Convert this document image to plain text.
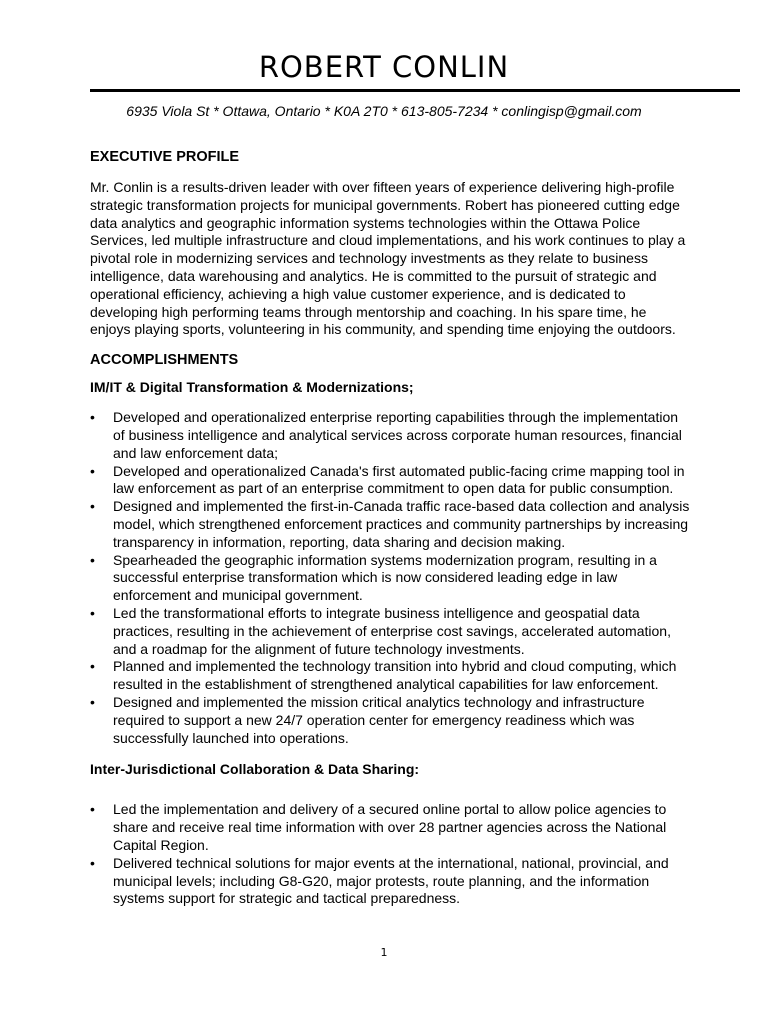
ROBERT CONLIN

6935 Viola St * Ottawa, Ontario * K0A 2T0 * 613-805-7234 * conlingisp@gmail.com

EXECUTIVE PROFILE

Mr. Conlin is a results-driven leader with over fifteen years of experience delivering high-profile strategic transformation projects for municipal governments. Robert has pioneered cutting edge data analytics and geographic information systems technologies within the Ottawa Police Services, led multiple infrastructure and cloud implementations, and his work continues to play a pivotal role in modernizing services and technology investments as they relate to business intelligence, data warehousing and analytics. He is committed to the pursuit of strategic and operational efficiency, achieving a high value customer experience, and is dedicated to developing high performing teams through mentorship and coaching. In his spare time, he enjoys playing sports, volunteering in his community, and spending time enjoying the outdoors.

ACCOMPLISHMENTS
IM/IT & Digital Transformation & Modernizations;
• Developed and operationalized enterprise reporting capabilities through the implementation of business intelligence and analytical services across corporate human resources, financial and law enforcement data;
• Developed and operationalized Canada's first automated public-facing crime mapping tool in law enforcement as part of an enterprise commitment to open data for public consumption.
• Designed and implemented the first-in-Canada traffic race-based data collection and analysis model, which strengthened enforcement practices and community partnerships by increasing transparency in information, reporting, data sharing and decision making.
• Spearheaded the geographic information systems modernization program, resulting in a successful enterprise transformation which is now considered leading edge in law enforcement and municipal government.
• Led the transformational efforts to integrate business intelligence and geospatial data practices, resulting in the achievement of enterprise cost savings, accelerated automation, and a roadmap for the alignment of future technology investments.
• Planned and implemented the technology transition into hybrid and cloud computing, which resulted in the establishment of strengthened analytical capabilities for law enforcement.
• Designed and implemented the mission critical analytics technology and infrastructure required to support a new 24/7 operation center for emergency readiness which was successfully launched into operations.
Inter-Jurisdictional Collaboration & Data Sharing:
• Led the implementation and delivery of a secured online portal to allow police agencies to share and receive real time information with over 28 partner agencies across the National Capital Region.
• Delivered technical solutions for major events at the international, national, provincial, and municipal levels; including G8-G20, major protests, route planning, and the information systems support for strategic and tactical preparedness.

1
